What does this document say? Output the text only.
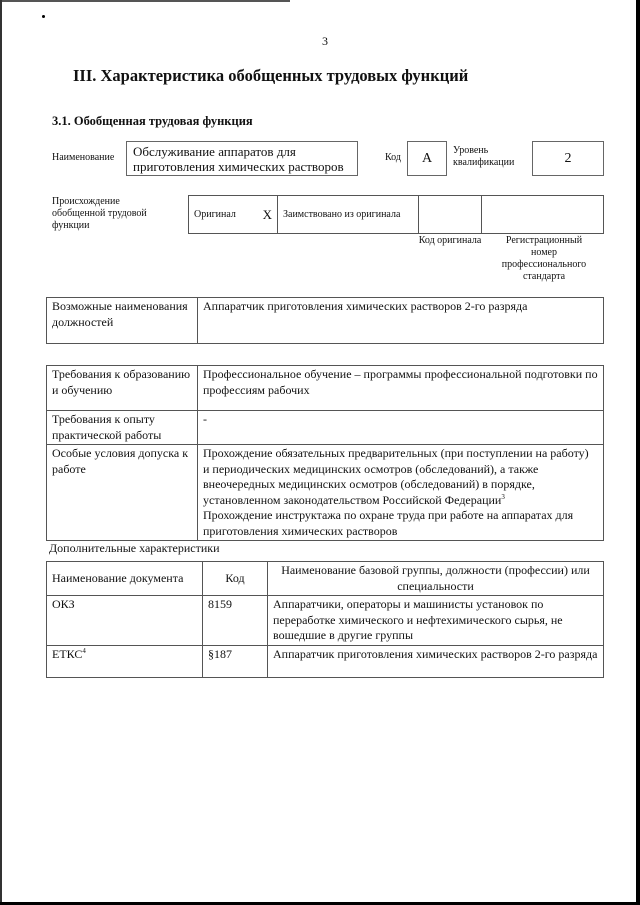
3
III. Характеристика обобщенных трудовых функций
3.1. Обобщенная трудовая функция
Наименование	Обслуживание аппаратов для приготовления химических растворов
Код	А
Уровень квалификации	2
Происхождение обобщенной трудовой функции
Оригинал Х	Заимствовано из оригинала		
Код оригинала	Регистрационный номер профессионального стандарта
Возможные наименования должностей	Аппаратчик приготовления химических растворов 2-го разряда
Требования к образованию и обучению	Профессиональное обучение – программы профессиональной подготовки по профессиям рабочих
Требования к опыту практической работы	-
Особые условия допуска к работе	Прохождение обязательных предварительных (при поступлении на работу) и периодических медицинских осмотров (обследований), а также внеочередных медицинских осмотров (обследований) в порядке, установленном законодательством Российской Федерации$^3$
Прохождение инструктажа по охране труда при работе на аппаратах для приготовления химических растворов
Дополнительные характеристики
Наименование документа	Код	Наименование базовой группы, должности (профессии) или специальности
ОКЗ	8159	Аппаратчики, операторы и машинисты установок по переработке химического и нефтехимического сырья, не вошедшие в другие группы
ЕТКС$^4$	§187	Аппаратчик приготовления химических растворов 2-го разряда
